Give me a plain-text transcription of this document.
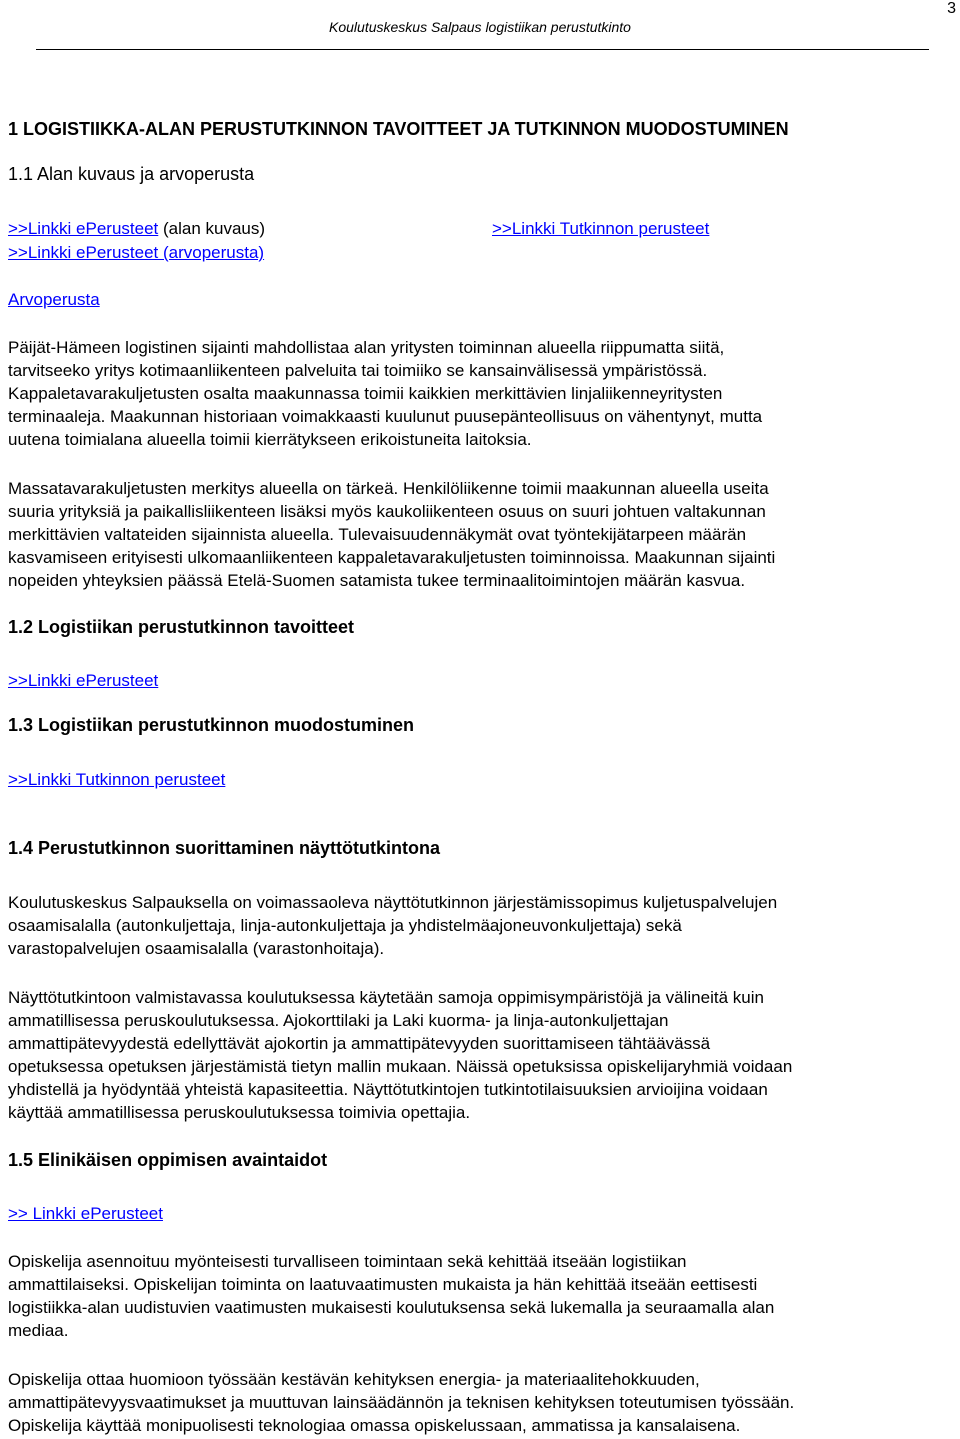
3
Koulutuskeskus Salpaus logistiikan perustutkinto
1 LOGISTIIKKA-ALAN PERUSTUTKINNON TAVOITTEET JA TUTKINNON MUODOSTUMINEN
1.1 Alan kuvaus ja arvoperusta
>>Linkki ePerusteet (alan kuvaus)
>>Linkki ePerusteet (arvoperusta)
>>Linkki Tutkinnon perusteet
Arvoperusta
Päijät-Hämeen logistinen sijainti mahdollistaa alan yritysten toiminnan alueella riippumatta siitä,
tarvitseeko yritys kotimaanliikenteen palveluita tai toimiiko se kansainvälisessä ympäristössä.
Kappaletavarakuljetusten osalta maakunnassa toimii kaikkien merkittävien linjaliikenneyritysten
terminaaleja. Maakunnan historiaan voimakkaasti kuulunut puusepänteollisuus on vähentynyt, mutta
uutena toimialana alueella toimii kierrätykseen erikoistuneita laitoksia.
Massatavarakuljetusten merkitys alueella on tärkeä. Henkilöliikenne toimii maakunnan alueella useita
suuria yrityksiä ja paikallisliikenteen lisäksi myös kaukoliikenteen osuus on suuri johtuen valtakunnan
merkittävien valtateiden sijainnista alueella. Tulevaisuudennäkymät ovat työntekijätarpeen määrän
kasvamiseen erityisesti ulkomaanliikenteen kappaletavarakuljetusten toiminnoissa. Maakunnan sijainti
nopeiden yhteyksien päässä Etelä-Suomen satamista tukee terminaalitoimintojen määrän kasvua.
1.2 Logistiikan perustutkinnon tavoitteet
>>Linkki ePerusteet
1.3 Logistiikan perustutkinnon muodostuminen
>>Linkki Tutkinnon perusteet
1.4 Perustutkinnon suorittaminen näyttötutkintona
Koulutuskeskus Salpauksella on voimassaoleva näyttötutkinnon järjestämissopimus kuljetuspalvelujen
osaamisalalla (autonkuljettaja, linja-autonkuljettaja ja yhdistelmäajoneuvonkuljettaja) sekä
varastopalvelujen osaamisalalla (varastonhoitaja).
Näyttötutkintoon valmistavassa koulutuksessa käytetään samoja oppimisympäristöjä ja välineitä kuin
ammatillisessa peruskoulutuksessa. Ajokorttilaki ja Laki kuorma- ja linja-autonkuljettajan
ammattipätevyydestä edellyttävät ajokortin ja ammattipätevyyden suorittamiseen tähtäävässä
opetuksessa opetuksen järjestämistä tietyn mallin mukaan. Näissä opetuksissa opiskelijaryhmiä voidaan
yhdistellä ja hyödyntää yhteistä kapasiteettia. Näyttötutkintojen tutkintotilaisuuksien arvioijina voidaan
käyttää ammatillisessa peruskoulutuksessa toimivia opettajia.
1.5 Elinikäisen oppimisen avaintaidot
>> Linkki ePerusteet
Opiskelija asennoituu myönteisesti turvalliseen toimintaan sekä kehittää itseään logistiikan
ammattilaiseksi. Opiskelijan toiminta on laatuvaatimusten mukaista ja hän kehittää itseään eettisesti
logistiikka-alan uudistuvien vaatimusten mukaisesti koulutuksensa sekä lukemalla ja seuraamalla alan
mediaa.
Opiskelija ottaa huomioon työssään kestävän kehityksen energia- ja materiaalitehokkuuden,
ammattipätevyysvaatimukset ja muuttuvan lainsäädännön ja teknisen kehityksen toteutumisen työssään.
Opiskelija käyttää monipuolisesti teknologiaa omassa opiskelussaan, ammatissa ja kansalaisena.
